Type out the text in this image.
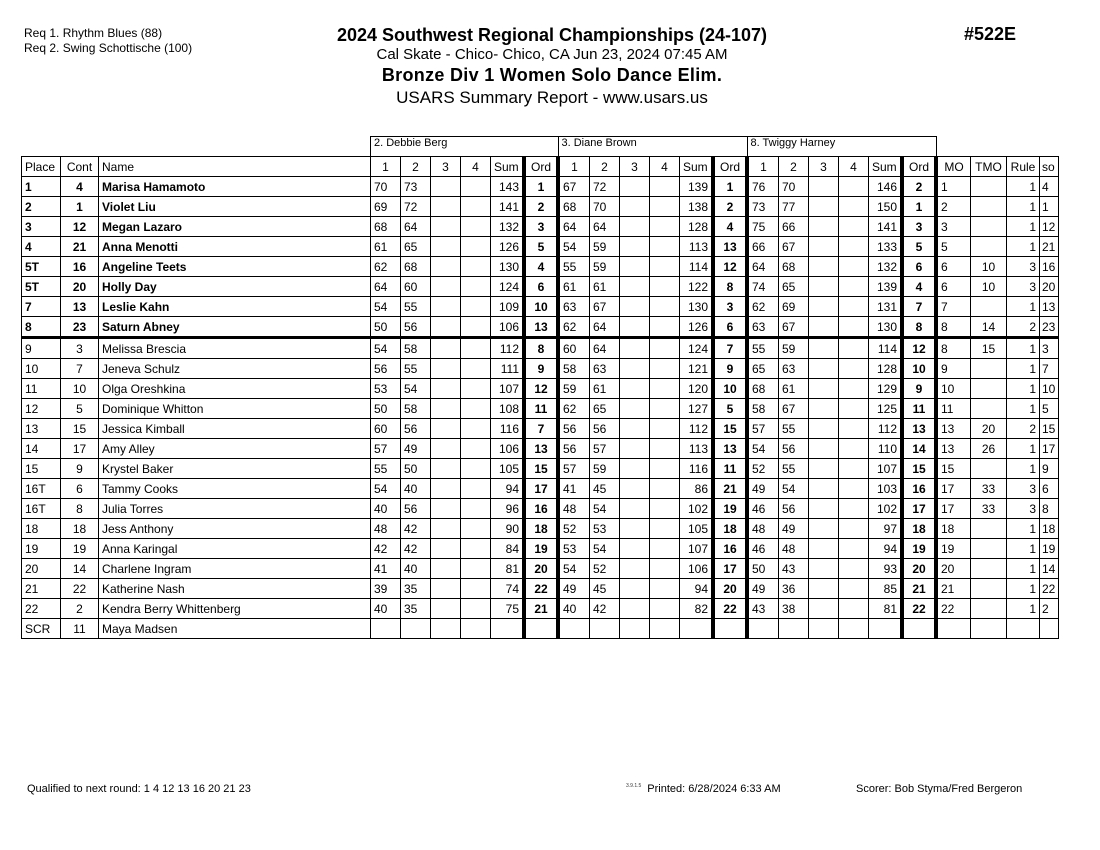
Req 1. Rhythm Blues (88)
Req 2. Swing Schottische (100)
2024 Southwest Regional Championships (24-107)
Cal Skate - Chico- Chico, CA Jun 23, 2024 07:45 AM
Bronze Div 1 Women Solo Dance Elim.
USARS Summary Report - www.usars.us
#522E
			2. Debbie Berg						3. Diane Brown						8. Twiggy Harney									
Place	Cont	Name	1	2	3	4	Sum	Ord	1	2	3	4	Sum	Ord	1	2	3	4	Sum	Ord	MO	TMO	Rule	so
1	4	Marisa Hamamoto	70	73			143	1	67	72			139	1	76	70			146	2	1		1	4
2	1	Violet Liu	69	72			141	2	68	70			138	2	73	77			150	1	2		1	1
3	12	Megan Lazaro	68	64			132	3	64	64			128	4	75	66			141	3	3		1	12
4	21	Anna Menotti	61	65			126	5	54	59			113	13	66	67			133	5	5		1	21
5T	16	Angeline Teets	62	68			130	4	55	59			114	12	64	68			132	6	6	10	3	16
5T	20	Holly Day	64	60			124	6	61	61			122	8	74	65			139	4	6	10	3	20
7	13	Leslie Kahn	54	55			109	10	63	67			130	3	62	69			131	7	7		1	13
8	23	Saturn Abney	50	56			106	13	62	64			126	6	63	67			130	8	8	14	2	23
9	3	Melissa Brescia	54	58			112	8	60	64			124	7	55	59			114	12	8	15	1	3
10	7	Jeneva Schulz	56	55			111	9	58	63			121	9	65	63			128	10	9		1	7
11	10	Olga Oreshkina	53	54			107	12	59	61			120	10	68	61			129	9	10		1	10
12	5	Dominique Whitton	50	58			108	11	62	65			127	5	58	67			125	11	11		1	5
13	15	Jessica Kimball	60	56			116	7	56	56			112	15	57	55			112	13	13	20	2	15
14	17	Amy Alley	57	49			106	13	56	57			113	13	54	56			110	14	13	26	1	17
15	9	Krystel Baker	55	50			105	15	57	59			116	11	52	55			107	15	15		1	9
16T	6	Tammy Cooks	54	40			94	17	41	45			86	21	49	54			103	16	17	33	3	6
16T	8	Julia Torres	40	56			96	16	48	54			102	19	46	56			102	17	17	33	3	8
18	18	Jess Anthony	48	42			90	18	52	53			105	18	48	49			97	18	18		1	18
19	19	Anna Karingal	42	42			84	19	53	54			107	16	46	48			94	19	19		1	19
20	14	Charlene Ingram	41	40			81	20	54	52			106	17	50	43			93	20	20		1	14
21	22	Katherine Nash	39	35			74	22	49	45			94	20	49	36			85	21	21		1	22
22	2	Kendra Berry Whittenberg	40	35			75	21	40	42			82	22	43	38			81	22	22		1	2
SCR	11	Maya Madsen																						
Qualified to next round: 1 4 12 13 16 20 21 23	$^{3.9.1.5}$ Printed: 6/28/2024 6:33 AM	Scorer: Bob Styma/Fred Bergeron
